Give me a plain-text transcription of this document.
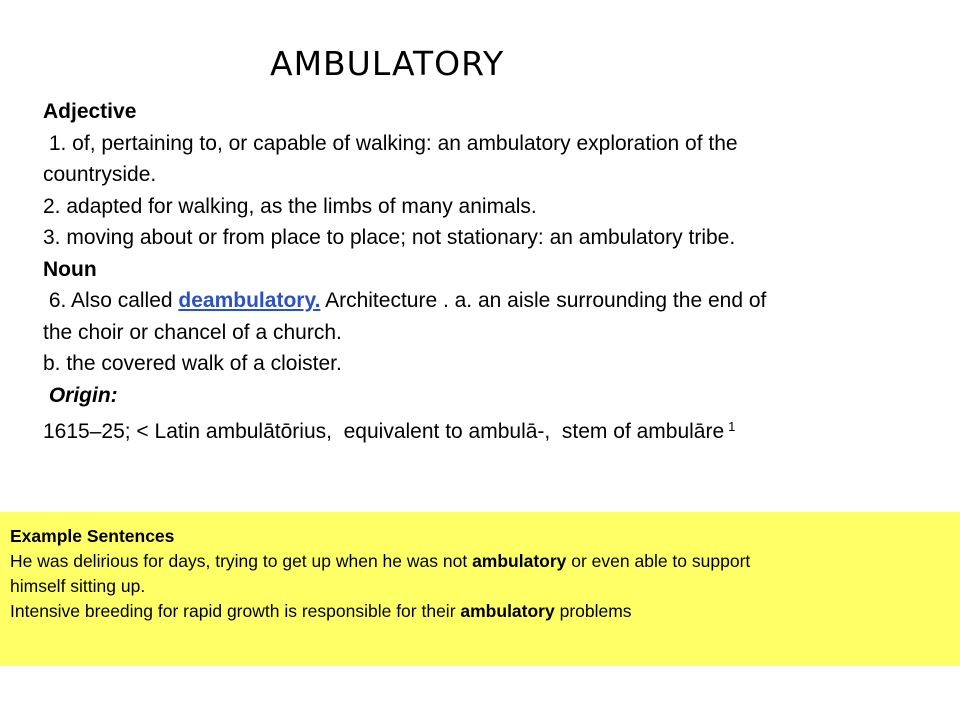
AMBULATORY
Adjective
1. of, pertaining to, or capable of walking: an ambulatory exploration of the
countryside.
2. adapted for walking, as the limbs of many animals.
3. moving about or from place to place; not stationary: an ambulatory tribe.
Noun
6. Also called deambulatory. Architecture . a. an aisle surrounding the end of
the choir or chancel of a church.
b. the covered walk of a cloister.
Origin:
1615–25; < Latin ambulātōrius,  equivalent to ambulā-,  stem of ambulāre $^1$
Example Sentences
He was delirious for days, trying to get up when he was not ambulatory or even able to support
himself sitting up.
Intensive breeding for rapid growth is responsible for their ambulatory problems
